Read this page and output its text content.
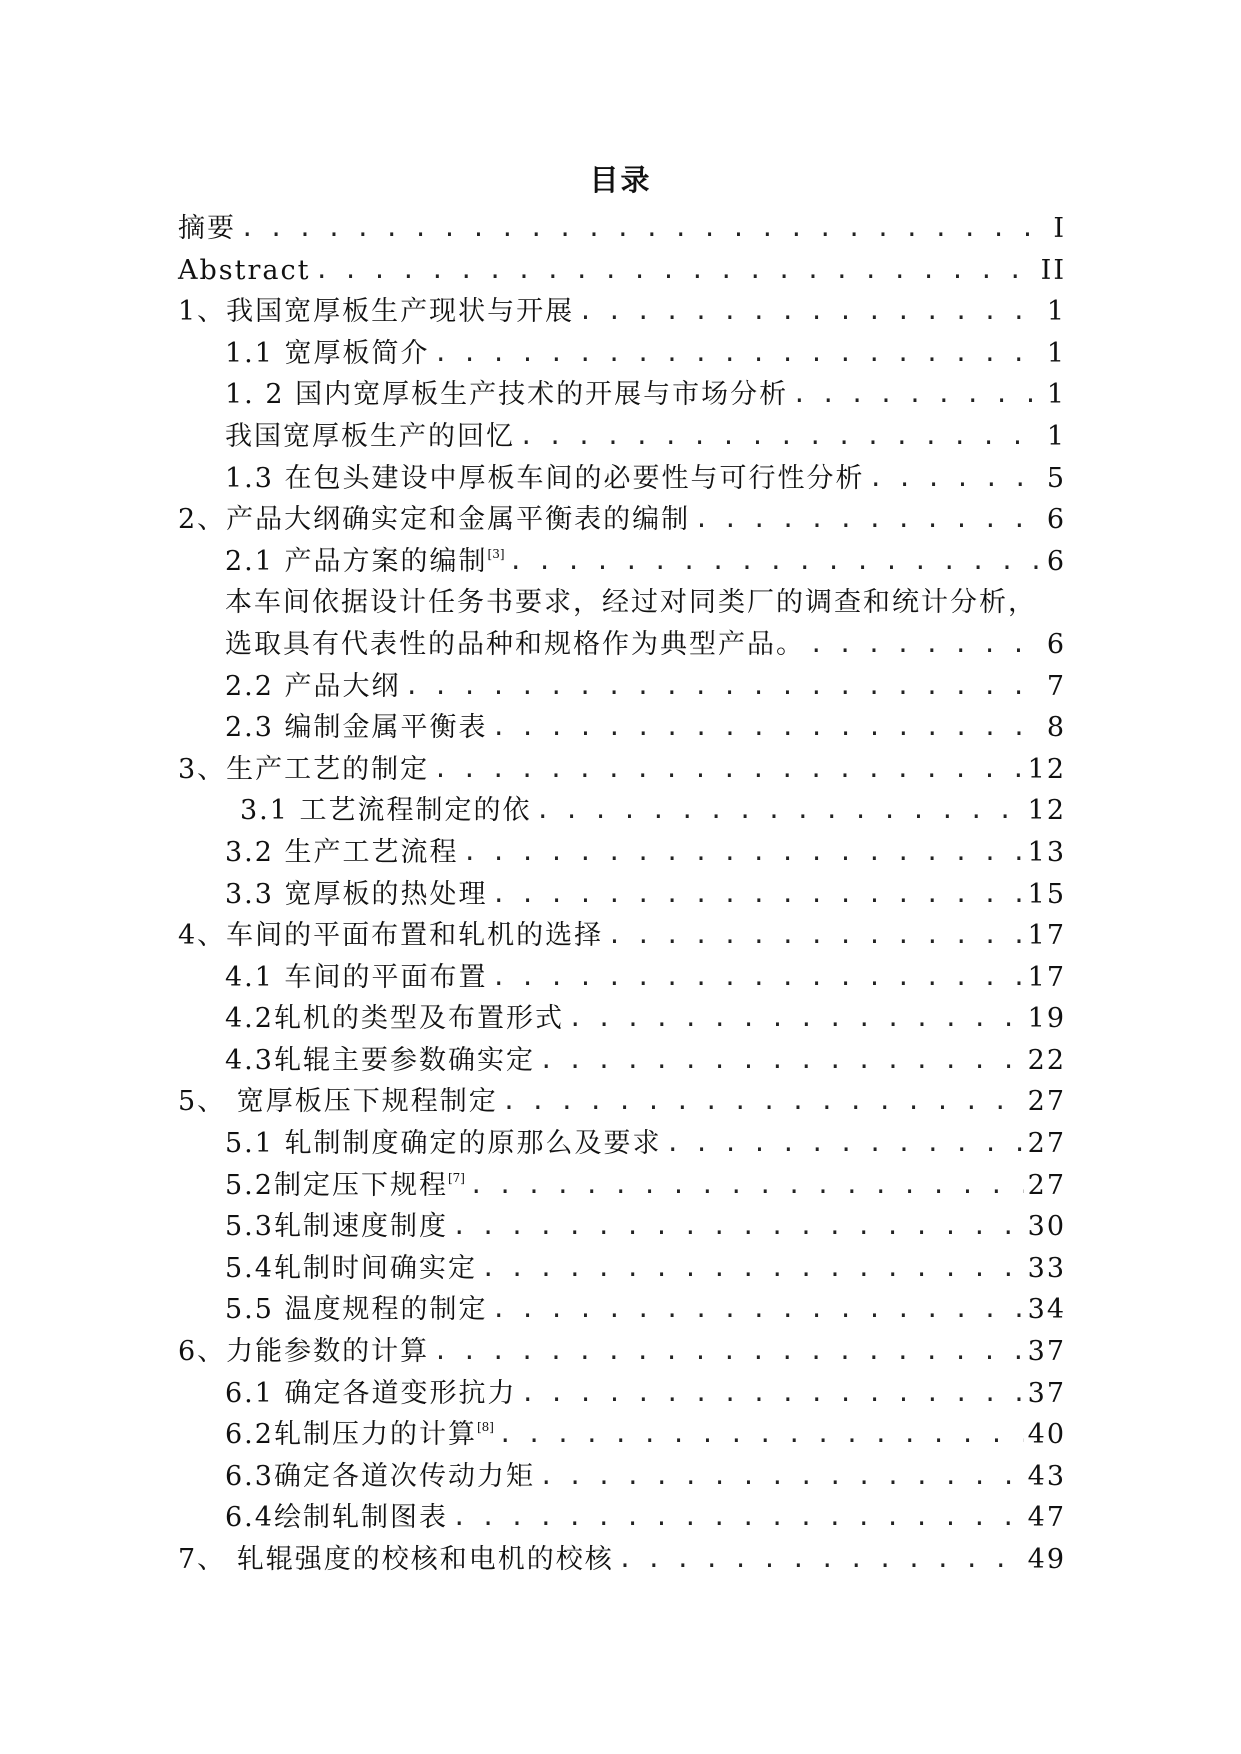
目录
摘要 . . .	I
Abstract . . .	II
1、我国宽厚板生产现状与开展 . . .	1
1.1 宽厚板简介 . . .	1
1. 2 国内宽厚板生产技术的开展与市场分析 . . .	1
我国宽厚板生产的回忆 . . .	1
1.3 在包头建设中厚板车间的必要性与可行性分析 . . .	5
2、产品大纲确实定和金属平衡表的编制 . . .	6
2.1 产品方案的编制[3] . . .	6
本车间依据设计任务书要求，经过对同类厂的调查和统计分析，
选取具有代表性的品种和规格作为典型产品。 . . .	6
2.2 产品大纲 . . .	7
2.3 编制金属平衡表 . . .	8
3、生产工艺的制定 . . .	12
3.1 工艺流程制定的依 . . .	12
3.2 生产工艺流程 . . .	13
3.3 宽厚板的热处理 . . .	15
4、车间的平面布置和轧机的选择 . . .	17
4.1 车间的平面布置 . . .	17
4.2轧机的类型及布置形式 . . .	19
4.3轧辊主要参数确实定 . . .	22
5、 宽厚板压下规程制定 . . .	27
5.1 轧制制度确定的原那么及要求 . . .	27
5.2制定压下规程[7] . . .	27
5.3轧制速度制度 . . .	30
5.4轧制时间确实定 . . .	33
5.5 温度规程的制定 . . .	34
6、力能参数的计算 . . .	37
6.1 确定各道变形抗力 . . .	37
6.2轧制压力的计算[8] . . .	40
6.3确定各道次传动力矩 . . .	43
6.4绘制轧制图表 . . .	47
7、 轧辊强度的校核和电机的校核 . . .	49
